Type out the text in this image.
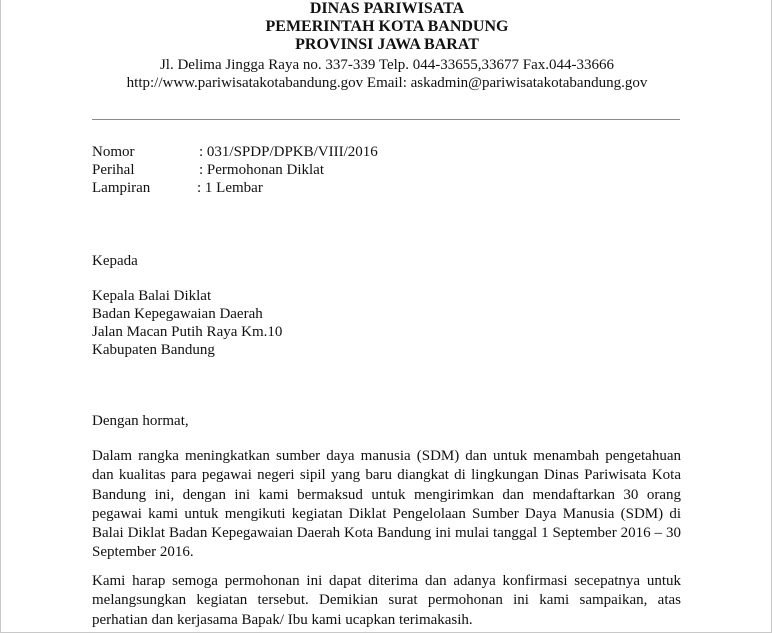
DINAS PARIWISATA
PEMERINTAH KOTA BANDUNG
PROVINSI JAWA BARAT
Jl. Delima Jingga Raya no. 337-339 Telp. 044-33655,33677 Fax.044-33666
http://www.pariwisatakotabandung.gov Email: askadmin@pariwisatakotabandung.gov
Nomor	: 031/SPDP/DPKB/VIII/2016
Perihal	: Permohonan Diklat
Lampiran	: 1 Lembar
Kepada
Kepala Balai Diklat
Badan Kepegawaian Daerah
Jalan Macan Putih Raya Km.10
Kabupaten Bandung
Dengan hormat,
Dalam rangka meningkatkan sumber daya manusia (SDM) dan untuk menambah pengetahuan dan kualitas para pegawai negeri sipil yang baru diangkat di lingkungan Dinas Pariwisata Kota Bandung ini, dengan ini kami bermaksud untuk mengirimkan dan mendaftarkan 30 orang pegawai kami untuk mengikuti kegiatan Diklat Pengelolaan Sumber Daya Manusia (SDM) di Balai Diklat Badan Kepegawaian Daerah Kota Bandung ini mulai tanggal 1 September 2016 – 30 September 2016.
Kami harap semoga permohonan ini dapat diterima dan adanya konfirmasi secepatnya untuk melangsungkan kegiatan tersebut. Demikian surat permohonan ini kami sampaikan, atas perhatian dan kerjasama Bapak/ Ibu kami ucapkan terimakasih.
